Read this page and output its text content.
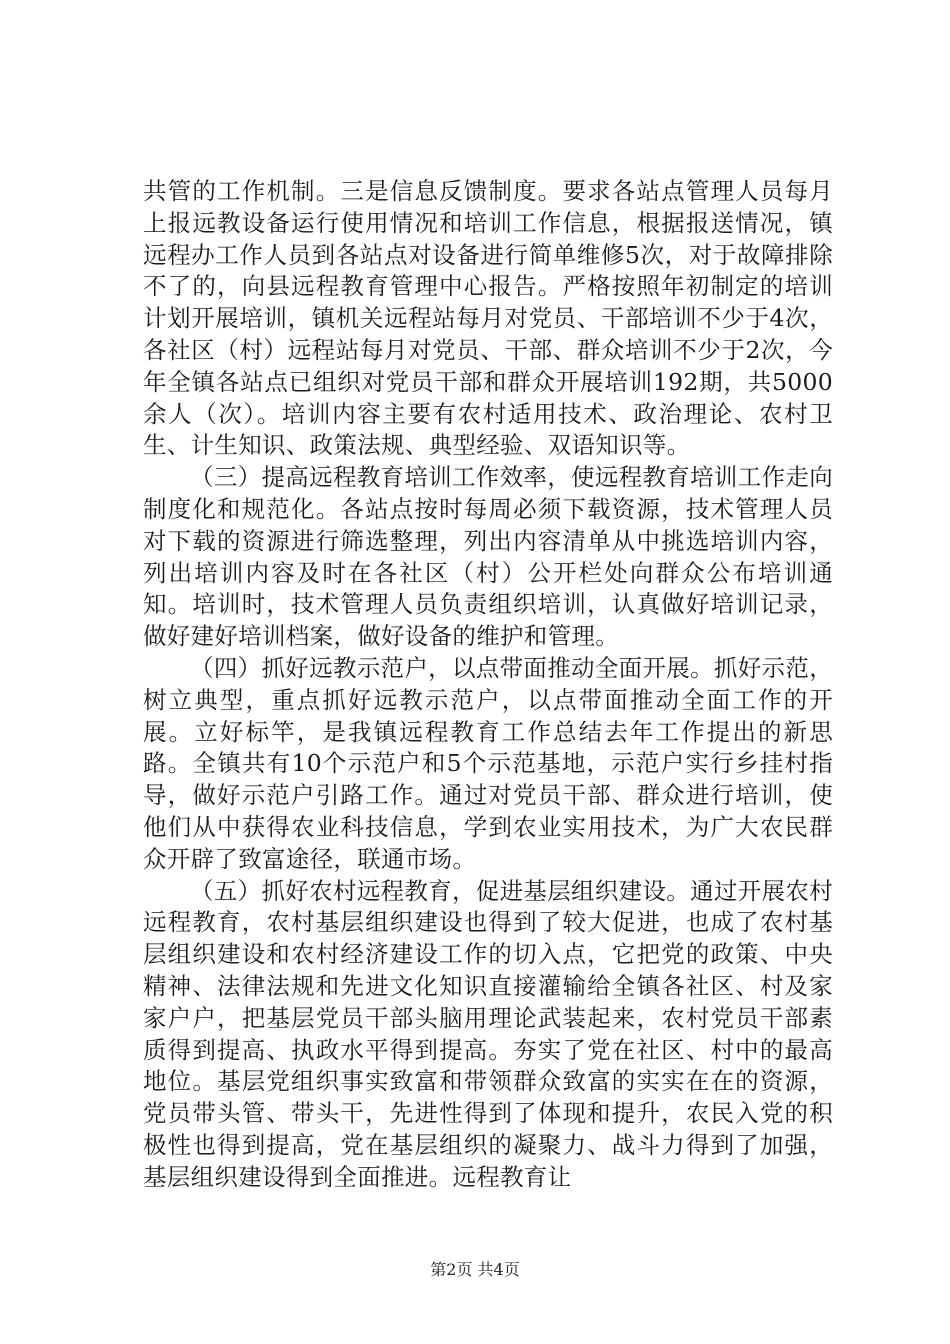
共管的工作机制。三是信息反馈制度。要求各站点管理人员每月上报远教设备运行使用情况和培训工作信息，根据报送情况，镇远程办工作人员到各站点对设备进行简单维修5次，对于故障排除不了的，向县远程教育管理中心报告。严格按照年初制定的培训计划开展培训，镇机关远程站每月对党员、干部培训不少于4次，各社区（村）远程站每月对党员、干部、群众培训不少于2次，今年全镇各站点已组织对党员干部和群众开展培训192期，共5000余人（次）。培训内容主要有农村适用技术、政治理论、农村卫生、计生知识、政策法规、典型经验、双语知识等。

（三）提高远程教育培训工作效率，使远程教育培训工作走向制度化和规范化。各站点按时每周必须下载资源，技术管理人员对下载的资源进行筛选整理，列出内容清单从中挑选培训内容，列出培训内容及时在各社区（村）公开栏处向群众公布培训通知。培训时，技术管理人员负责组织培训，认真做好培训记录，做好建好培训档案，做好设备的维护和管理。

（四）抓好远教示范户，以点带面推动全面开展。抓好示范，树立典型，重点抓好远教示范户，以点带面推动全面工作的开展。立好标竿，是我镇远程教育工作总结去年工作提出的新思路。全镇共有10个示范户和5个示范基地，示范户实行乡挂村指导，做好示范户引路工作。通过对党员干部、群众进行培训，使他们从中获得农业科技信息，学到农业实用技术，为广大农民群众开辟了致富途径，联通市场。

（五）抓好农村远程教育，促进基层组织建设。通过开展农村远程教育，农村基层组织建设也得到了较大促进，也成了农村基层组织建设和农村经济建设工作的切入点，它把党的政策、中央精神、法律法规和先进文化知识直接灌输给全镇各社区、村及家家户户，把基层党员干部头脑用理论武装起来，农村党员干部素质得到提高、执政水平得到提高。夯实了党在社区、村中的最高地位。基层党组织事实致富和带领群众致富的实实在在的资源，党员带头管、带头干，先进性得到了体现和提升，农民入党的积极性也得到提高，党在基层组织的凝聚力、战斗力得到了加强，基层组织建设得到全面推进。远程教育让

第2页 共4页
